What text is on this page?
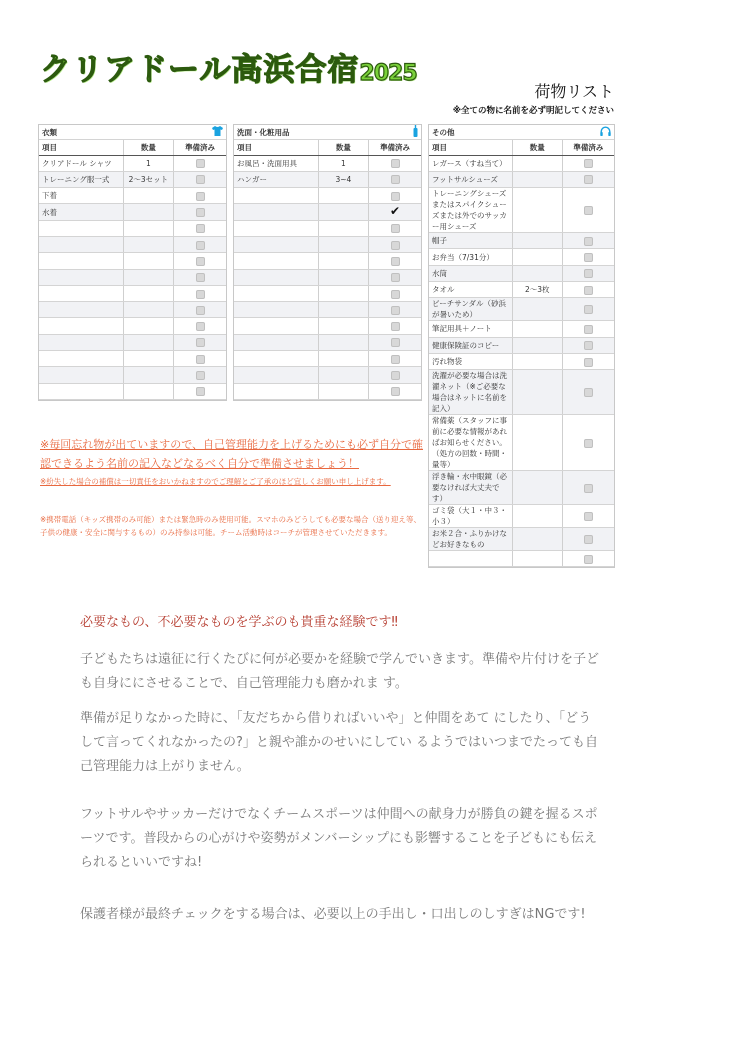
クリアドール高浜合宿2025
荷物リスト
※全ての物に名前を必ず明記してください
衣類
項目	数量	準備済み
クリアドール シャツ	1	
トレーニング服一式	2〜3セット	
下着		
水着		

洗面・化粧用品
項目	数量	準備済み
お風呂・洗面用具	1	
ハンガー	3~4	

		✔

その他
項目	数量	準備済み
レガース（すね当て）		
フットサルシューズ		
トレーニングシューズまたはスパイクシューズまたは外でのサッカー用シューズ		
帽子		
お弁当（7/31分）		
水筒		
タオル	2〜3枚	
ビーチサンダル（砂浜が暑いため）		
筆記用具＋ノート		
健康保険証のコピー		
汚れ物袋		
洗濯が必要な場合は洗濯ネット（※ご必要な場合はネットに名前を記入）		
常備薬（スタッフに事前に必要な情報があればお知らせください。（処方の回数・時間・量等）		
浮き輪・水中眼鏡（必要なければ大丈夫です）		
ゴミ袋（大１・中３・小３）		
お米２合・ふりかけなどお好きなもの		

※毎回忘れ物が出ていますので、自己管理能力を上げるためにも必ず自分で確認できるよう名前の記入などなるべく自分で準備させましょう！
※紛失した場合の補償は一切責任をおいかねますのでご理解とご了承のほど宜しくお願い申し上げます。
※携帯電話（キッズ携帯のみ可能）または緊急時のみ使用可能。スマホのみどうしても必要な場合（送り迎え等、子供の健康・安全に関与するもの）のみ持参は可能。チーム活動時はコーチが管理させていただきます。
必要なもの、不必要なものを学ぶのも貴重な経験です‼
子どもたちは遠征に行くたびに何が必要かを経験で学んでいきます。準備や片付けを子ども自身ににさせることで、自己管理能力も磨かれま す。
準備が足りなかった時に、「友だちから借りればいいや」と仲間をあて にしたり、「どうして言ってくれなかったの?」と親や誰かのせいにしてい るようではいつまでたっても自己管理能力は上がりません。
フットサルやサッカーだけでなくチームスポーツは仲間への献身力が勝負の鍵を握るスポーツです。普段からの心がけや姿勢がメンバーシップにも影響することを子どもにも伝えられるといいですね!
保護者様が最終チェックをする場合は、必要以上の手出し・口出しのしすぎはNGです!
